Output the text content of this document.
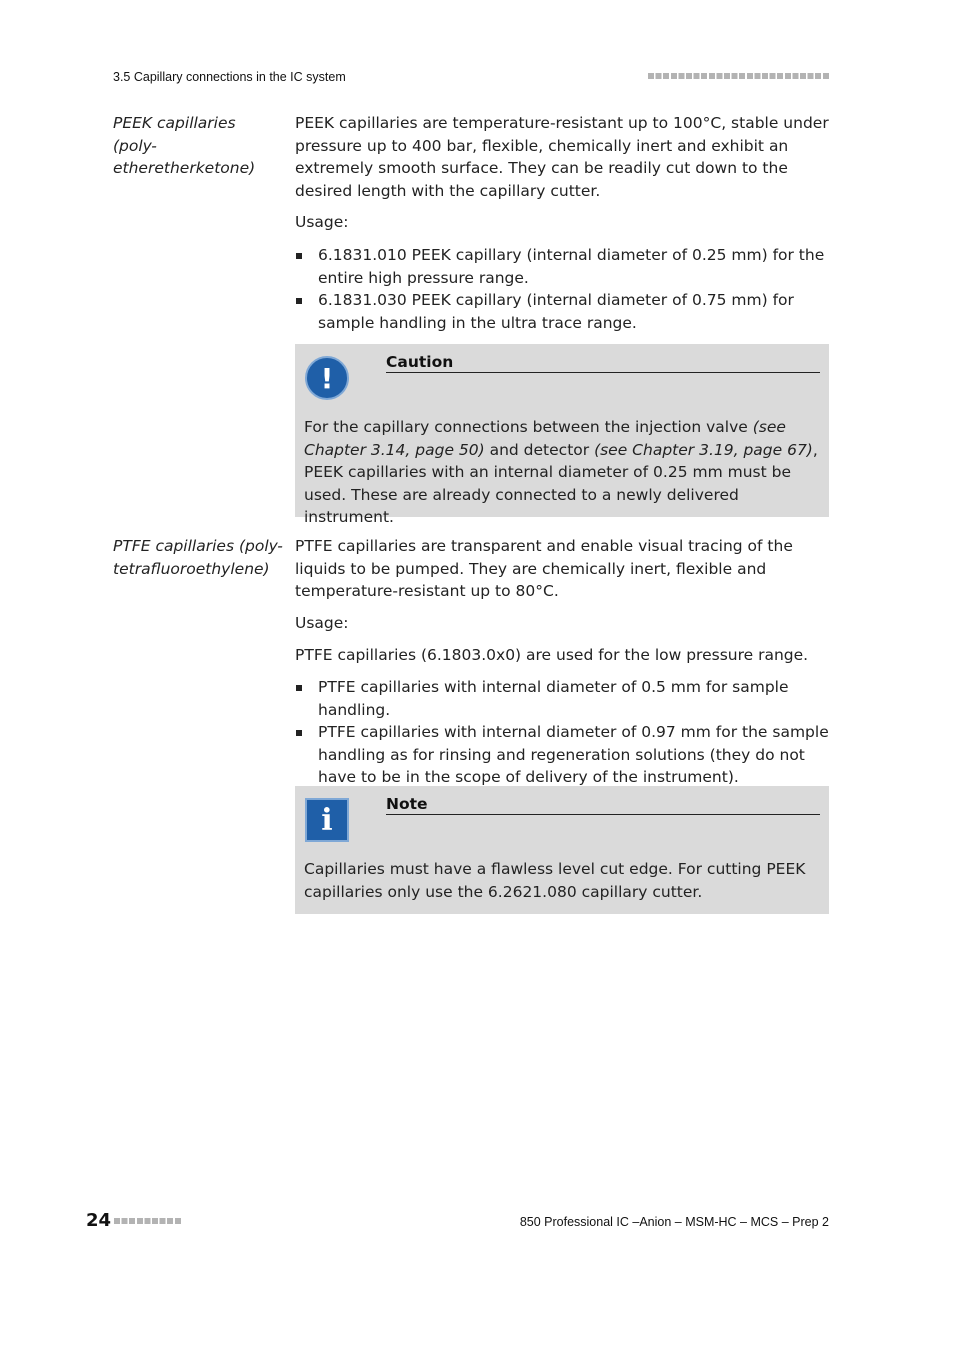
3.5 Capillary connections in the IC system
PEEK capillaries (poly-etheretherketone)

PEEK capillaries are temperature-resistant up to 100°C, stable under pressure up to 400 bar, flexible, chemically inert and exhibit an extremely smooth surface. They can be readily cut down to the desired length with the capillary cutter.

Usage:

6.1831.010 PEEK capillary (internal diameter of 0.25 mm) for the entire high pressure range.
6.1831.030 PEEK capillary (internal diameter of 0.75 mm) for sample handling in the ultra trace range.
!	Caution
For the capillary connections between the injection valve (see Chapter 3.14, page 50) and detector (see Chapter 3.19, page 67), PEEK capillaries with an internal diameter of 0.25 mm must be used. These are already connected to a newly delivered instrument.
PTFE capillaries (poly-tetrafluoroethylene)

PTFE capillaries are transparent and enable visual tracing of the liquids to be pumped. They are chemically inert, flexible and temperature-resistant up to 80°C.

Usage:

PTFE capillaries (6.1803.0x0) are used for the low pressure range.

PTFE capillaries with internal diameter of 0.5 mm for sample handling.
PTFE capillaries with internal diameter of 0.97 mm for the sample handling as for rinsing and regeneration solutions (they do not have to be in the scope of delivery of the instrument).
i	Note
Capillaries must have a flawless level cut edge. For cutting PEEK capillaries only use the 6.2621.080 capillary cutter.
24	850 Professional IC –Anion – MSM-HC – MCS – Prep 2
